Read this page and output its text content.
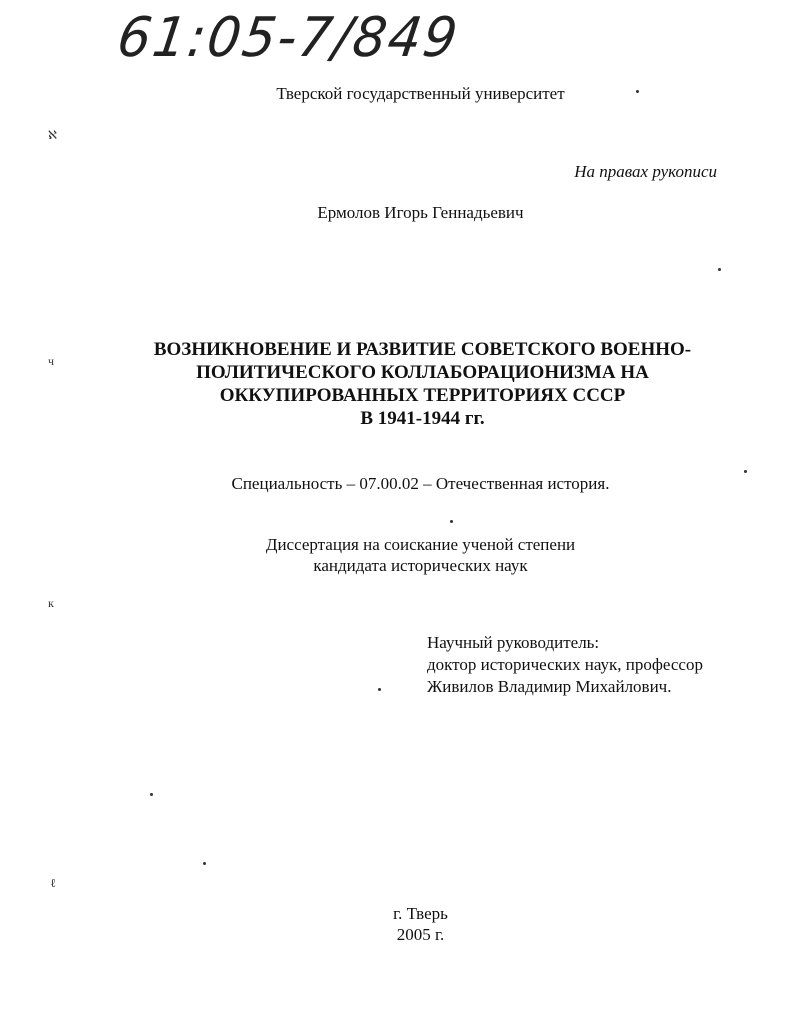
61:05-7/849
Тверской государственный университет
На правах рукописи
Ермолов Игорь Геннадьевич
ВОЗНИКНОВЕНИЕ И РАЗВИТИЕ СОВЕТСКОГО ВОЕННО-
ПОЛИТИЧЕСКОГО КОЛЛАБОРАЦИОНИЗМА НА
ОККУПИРОВАННЫХ ТЕРРИТОРИЯХ СССР
В 1941-1944 гг.
Специальность – 07.00.02 – Отечественная история.
Диссертация на соискание ученой степени
кандидата исторических наук
Научный руководитель:
доктор исторических наук, профессор
Живилов Владимир Михайлович.
г. Тверь
2005 г.
ℵ
ч
к
ℓ
